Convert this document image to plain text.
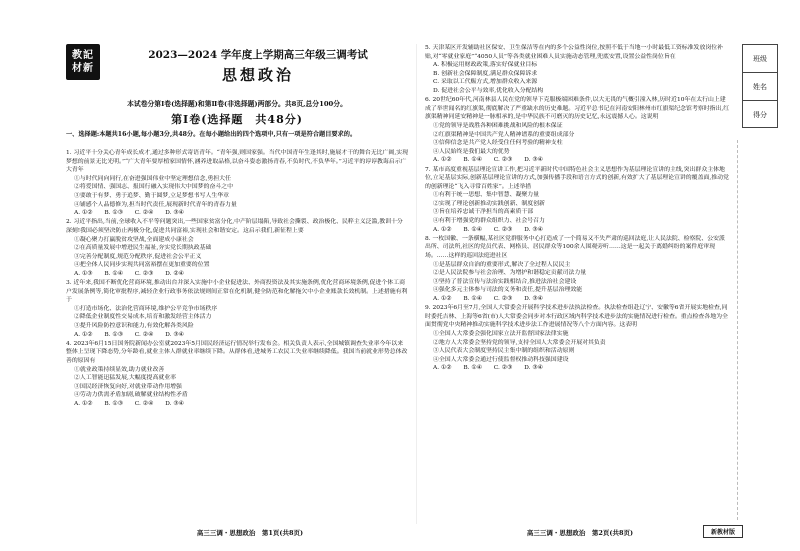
教記
材新
2023—2024 学年度上学期高三年级三调考试
思想政治
本试卷分第Ⅰ卷(选择题)和第Ⅱ卷(非选择题)两部分。共8页,总分100分。
第Ⅰ卷(选择题　共48分)
一、选择题:本题共16小题,每小题3分,共48分。在每小题给出的四个选项中,只有一项是符合题目要求的。
1. 习近平十分关心青年成长成才,通过多种形式寄语青年。“青年强,则国家强。当代中国青年生逢其时,施展才干的舞台无比广阔,实现梦想的前景无比光明。”“广大青年要厚植家国情怀,涵养进取品格,以奋斗姿态激扬青春,不负时代,不负华年。”习近平的谆谆教诲启示广大青年
①与时代同向同行,在奋进强国伟业中坚定理想信念,勇担大任
②将爱国情、强国志、报国行融入实现伟大中国梦的奋斗之中
③要敢于有梦、勇于追梦、勤于圆梦,立足梦想书写人生华章
④铺感个人品德修为,担当时代责任,展现新时代青年的青春力量
A. ①②　　B. ①③　　C. ②④　　D. ③④
2. 习近平指出,当前,全球收入不平等问题突出,一些国家贫富分化,中产阶层塌陷,导致社会撕裂、政治极化、民粹主义泛滥,教训十分深刻!我国必须坚决防止两极分化,促进共同富裕,实现社会和谐安定。这启示我们,新征程上要
①凝心聚力打赢脱贫攻坚战,全面建成小康社会
②在高质量发展中增进民生福祉,夯实党长期执政基础
③完善分配制度,规范分配秩序,促进社会公平正义
④把全体人民同步实现共同富裕摆在更加重要的位置
A. ①③　　B. ①④　　C. ②③　　D. ②④
3. 近年来,我国不断优化营商环境,推动出台并深入实施中小企业促进法、外商投资法及其实施条例,优化营商环境条例,促进个体工商户发展条例等,简化审批程序,减轻企业行政事务依法规则间正常在化机制,健全防范和化解拖欠中小企业账款长效机制。上述措施有利于
①打造市场化、法治化营商环境,维护公平竞争市场秩序
②降低企业制度性交易成本,培育和激发经营主体活力
③提升风险防控意识和能力,有效化解各类风险
A. ①②　　B. ①③　　C. ②④　　D. ③④
4. 2023年6月15日国务院新闻办公室就2023年5月国民经济运行情况举行发布会。相关负责人表示,全国城镇调查失业率今年以来整体上呈现下降态势,分年龄看,就业主体人群就业率继续下降。从群体看,进城务工农民工失业率继续降低。我国当前就业形势总体改善的原因有
①就业政策持续显效,助力就业改善
②人工智能迅猛发展,大幅度提高就业率
③国民经济恢复向好,对就业带动作用增强
④劳动力供需矛盾加剧,破解就业结构性矛盾
A. ①②　　B. ①③　　C. ②④　　D. ③④
5. 天津某区开发辅助社区保安、卫生保洁等在内的多个公益性岗位,按照不低于当地一小时最低工资标准发放岗位补贴,对“零就业家庭”“4050人员”等各类就业困难人员实施动态管理,兜底安置,设置公益性岗位旨在
A. 积极运用财政政策,落实好保就业目标
B. 创新社会保障制度,满足群众保障诉求
C. 采取以工代赈方式,增加群众收入来源
D. 促进社会公平与效率,优化收入分配结构
6. 20世纪60年代,河南林县人民在党的领导下克服极端困难条件,以大无畏的气概引潼入林,历时近10年在太行山上建成了举世闻名的红旗渠,彻底解决了严重缺水的历史难题。习近平总书记在河南安阳林州市红旗渠纪念馆考察时指出,红旗渠精神同延安精神是一脉相承的,是中华民族不可磨灭的历史记忆,永远震撼人心。这说明
①党的领导是战胜各种困难挑战和风险的根本保证
②红旗渠精神是中国共产党人精神谱系的重要组成部分
③信仰信念是共产党人经受住任何考验的精神支柱
④人民始终是我们最大的优势
A. ①②　　B. ①④　　C. ②③　　D. ③④
7. 某市高度重视基层理论宣讲工作,把习近平新时代中国特色社会主义思想作为基层理论宣讲的主线,突出群众主体地位,立足基层实际,创新基层理论宣讲的方式,加强传播手段和语言方式的创新,有效扩大了基层理论宣讲的覆盖面,推动党的创新理论“飞入寻常百姓家”。上述举措
①有利于统一思想、集中智慧、凝聚力量
②实现了理论创新推动实践创新、制度创新
③旨在培养忠诚干净担当的高素质干部
④有利于增强党的群众组织力、社会号召力
A. ①②　　B. ①④　　C. ②③　　D. ③④
8. 一枚国徽、一条横幅,某社区党群服务中心打造成了一个简易又不失严肃的巡回法庭,让人民法院、检察院、公安派出所、司法所,社区的党员代表、网格员、居民群众等100余人围观旁听……这是一起关于离婚纠纷的案件庭审现场。……这样的巡回法庭进社区
①是基层群众自治的重要形式,解决了全过程人民民主
②是人民法院参与社会治理、为增护和谐稳定贡献司法力量
③坚持了普法宣传与法治实践相结合,推进法治社会建设
④强化多元主体参与司法的义务和责任,提升基层治理效能
A. ①②　　B. ①④　　C. ②③　　D. ③④
9. 2023年6月至7月,全国人大常委会开展科学技术进步法执法检查。执法检查组赴辽宁、安徽等6省开展实地检查,同时委托吉林、上海等6省(市)人大常委会同步对本行政区域内科学技术进步法的实施情况进行检查。重点检查各地为全面贯彻党中央精神推动实施科学技术进步法工作进展情况等八个方面内容。这表明
①全国人大常委会强化国家立法开监督国家法律实施
②地方人大常委会坚持党的领导,支持全国人大常委会开展对其负责
③人民代表大会制度坚持民主集中制的组织和活动原则
④全国人大常委会通过行使监督权推动科技强国建设
A. ①②　　B. ①④　　C. ②③　　D. ③④
班级
姓名
得分
高三三调・思想政治　第1页(共8页)	高三三调・思想政治　第2页(共8页)	新教材版
